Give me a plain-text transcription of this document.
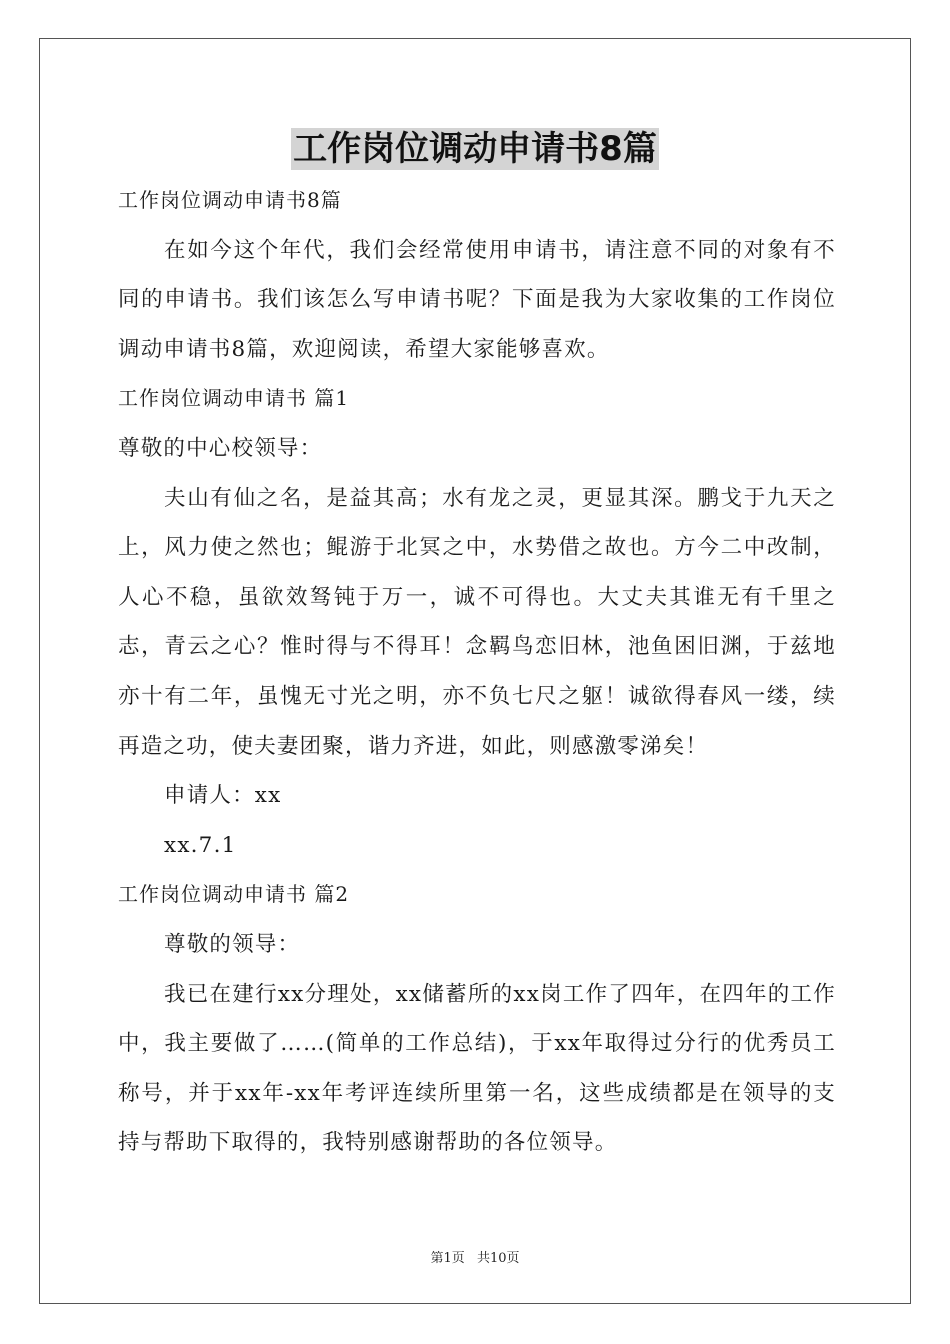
工作岗位调动申请书8篇

工作岗位调动申请书8篇

在如今这个年代，我们会经常使用申请书，请注意不同的对象有不同的申请书。我们该怎么写申请书呢？下面是我为大家收集的工作岗位调动申请书8篇，欢迎阅读，希望大家能够喜欢。

工作岗位调动申请书 篇1

尊敬的中心校领导：

夫山有仙之名，是益其高；水有龙之灵，更显其深。鹏戈于九天之上，风力使之然也；鲲游于北冥之中，水势借之故也。方今二中改制，人心不稳，虽欲效驽钝于万一，诚不可得也。大丈夫其谁无有千里之志，青云之心？惟时得与不得耳！念羁鸟恋旧林，池鱼困旧渊，于兹地亦十有二年，虽愧无寸光之明，亦不负七尺之躯！诚欲得春风一缕，续再造之功，使夫妻团聚，谐力齐进，如此，则感激零涕矣！

申请人：xx

xx.7.1

工作岗位调动申请书 篇2

尊敬的领导：

我已在建行xx分理处，xx储蓄所的xx岗工作了四年，在四年的工作中，我主要做了……(简单的工作总结)，于xx年取得过分行的优秀员工称号，并于xx年-xx年考评连续所里第一名，这些成绩都是在领导的支持与帮助下取得的，我特别感谢帮助的各位领导。

第1页 共10页
